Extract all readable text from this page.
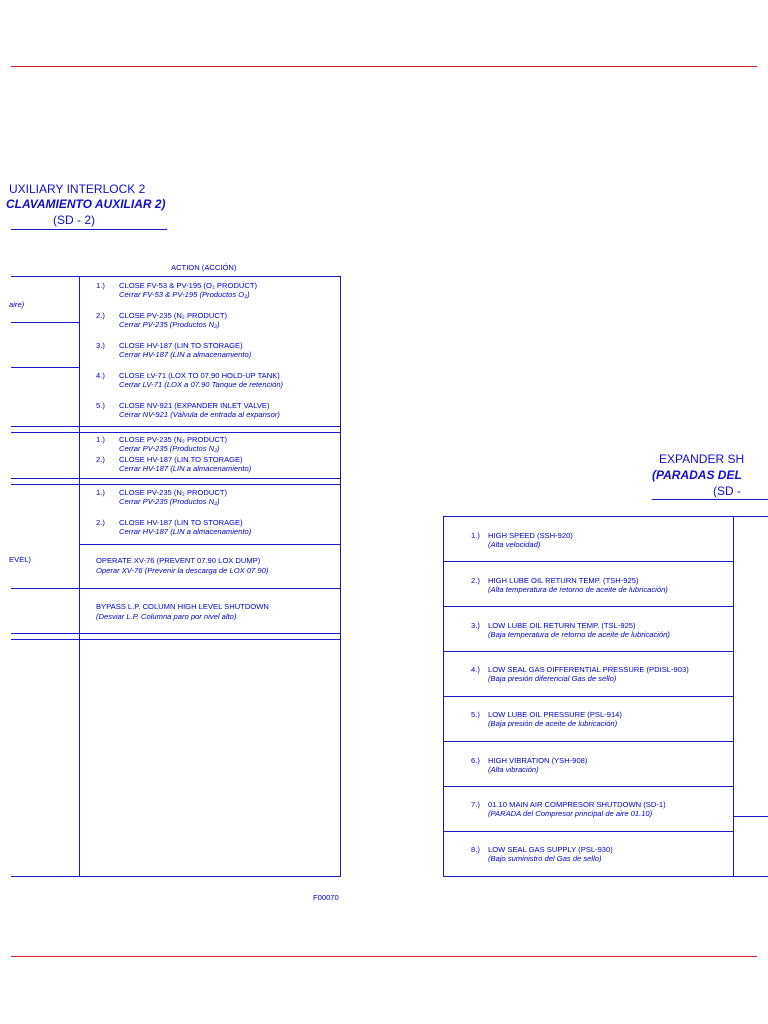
UXILIARY INTERLOCK 2
CLAVAMIENTO AUXILIAR 2)
(SD - 2)
ACTION (ACCIÓN)
aire)
EVEL)
1.) CLOSE FV-53 & PV-195 (O₂ PRODUCT)
Cerrar FV-53 & PV-195 (Productos O₂)
2.) CLOSE PV-235 (N₂ PRODUCT)
Cerrar PV-235 (Productos N₂)
3.) CLOSE HV-187 (LIN TO STORAGE)
Cerrar HV-187 (LIN a almacenamiento)
4.) CLOSE LV-71 (LOX TO 07.90 HOLD-UP TANK)
Cerrar LV-71 (LOX a 07.90 Tanque de retención)
5.) CLOSE NV-921 (EXPANDER INLET VALVE)
Cerrar NV-921 (Válvula de entrada al expansor)
1.) CLOSE PV-235 (N₂ PRODUCT)
Cerrar PV-235 (Productos N₂)
2.) CLOSE HV-187 (LIN TO STORAGE)
Cerrar HV-187 (LIN a almacenamiento)
1.) CLOSE PV-235 (N₂ PRODUCT)
Cerrar PV-235 (Productos N₂)
2.) CLOSE HV-187 (LIN TO STORAGE)
Cerrar HV-187 (LIN a almacenamiento)
OPERATE XV-76 (PREVENT 07.90 LOX DUMP)
Operar XV-76 (Prevenir la descarga de LOX 07.90)
BYPASS L.P. COLUMN HIGH LEVEL SHUTDOWN
(Desviar L.P. Columna paro por nivel alto)
F00070
EXPANDER SH
(PARADAS DEL
(SD -
1.) HIGH SPEED (SSH-920)
(Alta velocidad)
2.) HIGH LUBE OIL RETURN TEMP. (TSH-925)
(Alta temperatura de retorno de aceite de lubricación)
3.) LOW LUBE OIL RETURN TEMP. (TSL-925)
(Baja temperatura de retorno de aceite de lubricación)
4.) LOW SEAL GAS DIFFERENTIAL PRESSURE (PDISL-903)
(Baja presión diferencial Gas de sello)
5.) LOW LUBE OIL PRESSURE (PSL-914)
(Baja presión de aceite de lubricación)
6.) HIGH VIBRATION (YSH-908)
(Alta vibración)
7.) 01.10 MAIN AIR COMPRESOR SHUTDOWN (SD-1)
(PARADA del Compresor principal de aire 01.10)
8.) LOW SEAL GAS SUPPLY (PSL-930)
(Bajo suministro del Gas de sello)
